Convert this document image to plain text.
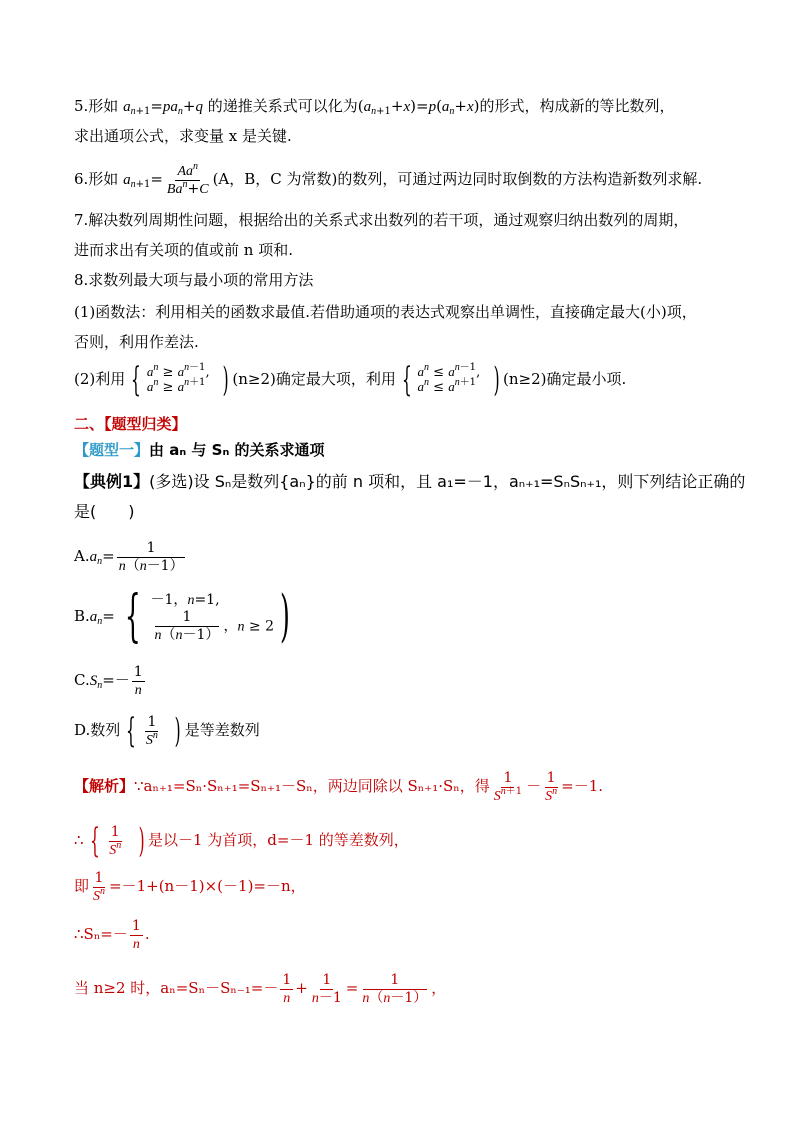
5.形如 $a_{n+1}=pa_n+q$ 的递推关系式可以化为$(a_{n+1}+x)=p(a_n+x)$的形式，构成新的等比数列，
求出通项公式，求变量 x 是关键.
6.形如 $a_{n+1}= \frac{Aa^n}{Ba^n+C} (A$，B，C 为常数)的数列，可通过两边同时取倒数的方法构造新数列求解.
7.解决数列周期性问题，根据给出的关系式求出数列的若干项，通过观察归纳出数列的周期，
进而求出有关项的值或前 n 项和.
8.求数列最大项与最小项的常用方法
(1)函数法：利用相关的函数求最值.若借助通项的表达式观察出单调性，直接确定最大(小)项，
否则，利用作差法.
(2)利用 { $a^n \ge a^{n-1}$,
$a^n \ge a^{n+1}$ ) (n≥2)确定最大项，利用 { $a^n \le a^{n-1}$,
$a^n \le a^{n+1}$ ) (n≥2)确定最小项.
二、【题型归类】
【题型一】由 aₙ 与 Sₙ 的关系求通项
【典例1】(多选)设 Sₙ是数列{aₙ}的前 n 项和，且 a₁=－1，aₙ₊₁=SₙSₙ₊₁，则下列结论正确的
是(　　)
$A.a_n= \frac{1}{n(n-1)}$
$B.a_n=$ { －1，n=1,
$\frac{1}{n(n-1)}$ ，n ≥ 2 )
$C.S_n=- \frac{1}{n}$
D.数列 { $\frac{1}{S^n}$ ) 是等差数列
【解析】∵aₙ₊₁=Sₙ·Sₙ₊₁=Sₙ₊₁－Sₙ，两边同除以 Sₙ₊₁·Sₙ，得 $\frac{1}{S^{n+1}} - \frac{1}{S^n} =-1$.
∴ { $\frac{1}{S^n}$ ) 是以－1 为首项，d=－1 的等差数列，
即 $\frac{1}{S^n} =-1+(n-1)\times(-1)=-n$，
∴Sₙ=－ $\frac{1}{n}$ .
当 n≥2 时，$a_n=S_n-S_{n-1}=- \frac{1}{n} + \frac{1}{n-1} = \frac{1}{n(n-1)}$ ，
